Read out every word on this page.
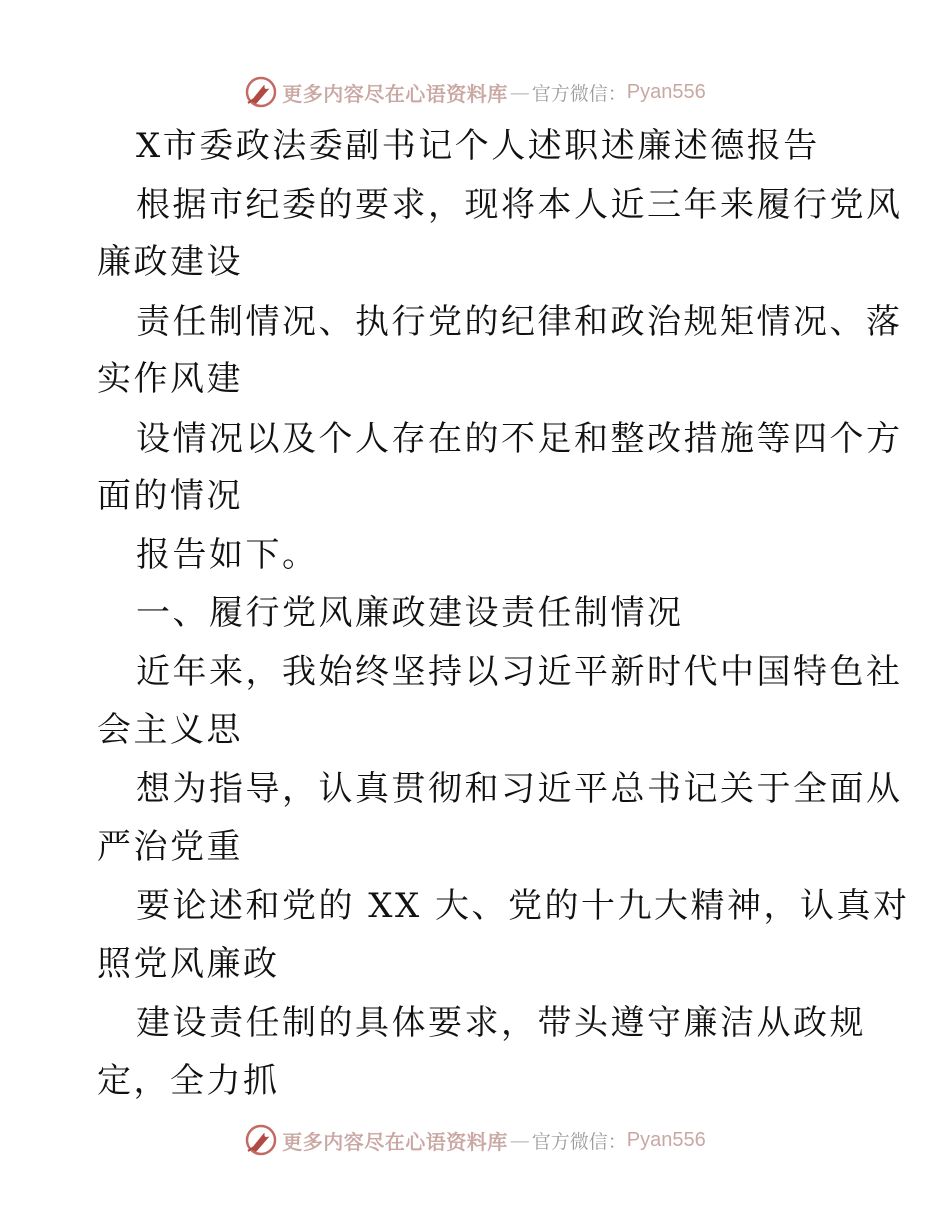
更多内容尽在心语资料库 — 官方微信： Pyan556
X市委政法委副书记个人述职述廉述德报告
根据市纪委的要求，现将本人近三年来履行党风
廉政建设
责任制情况、执行党的纪律和政治规矩情况、落
实作风建
设情况以及个人存在的不足和整改措施等四个方
面的情况
报告如下。
一、履行党风廉政建设责任制情况
近年来，我始终坚持以习近平新时代中国特色社
会主义思
想为指导，认真贯彻和习近平总书记关于全面从
严治党重
要论述和党的 XX 大、党的十九大精神，认真对
照党风廉政
建设责任制的具体要求，带头遵守廉洁从政规
定，全力抓
更多内容尽在心语资料库 — 官方微信： Pyan556
